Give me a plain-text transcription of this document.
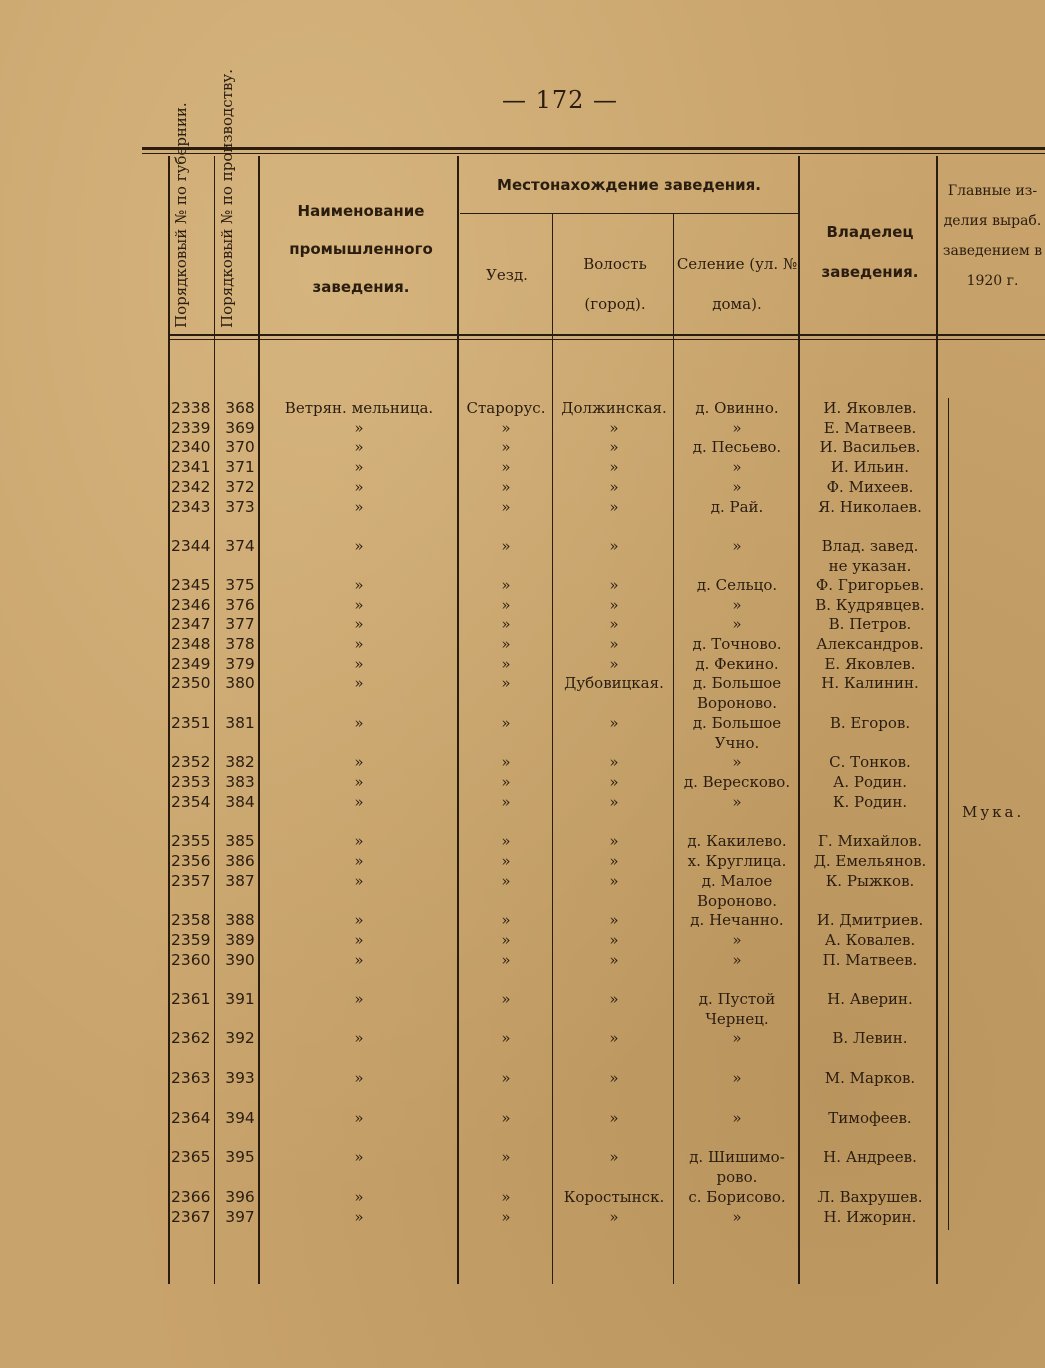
— 172 —
Порядковый № по губернии. Порядковый № по производству.	Наименование промышленного заведения.
Местонахождение заведения.
Уезд.
Волость (город).
Селение (ул. № дома).
Владелец заведения.
Главные из-делия выраб. заведением в 1920 г.
2338 368	Ветрян. мельница.	Старорус.	Должинская.	д. Овинно.	И. Яковлев.
2339 369	»	»	»	»	Е. Матвеев.
2340 370	»	»	»	д. Песьево.	И. Васильев.
2341 371	»	»	»	»	И. Ильин.
2342 372	»	»	»	»	Ф. Михеев.
2343 373	»	»	»	д. Рай.	Я. Николаев.
2344 374	»	»	»	»	Влад. завед.
не указан.
2345 375	»	»	»	д. Сельцо.	Ф. Григорьев.
2346 376	»	»	»	»	В. Кудрявцев.
2347 377	»	»	»	»	В. Петров.
2348 378	»	»	»	д. Точново.	Александров.
2349 379	»	»	»	д. Фекино.	Е. Яковлев.
2350 380	»	»	Дубовицкая.	д. Большое	Н. Калинин.
Вороново.
2351 381	»	»	»	д. Большое	В. Егоров.
Учно.
2352 382	»	»	»	»	С. Тонков.
2353 383	»	»	»	д. Вересково.	А. Родин.
2354 384	»	»	»	»	К. Родин.
2355 385	»	»	»	д. Какилево.	Г. Михайлов.
2356 386	»	»	»	х. Круглица.	Д. Емельянов.
2357 387	»	»	»	д. Малое	К. Рыжков.
Вороново.
2358 388	»	»	»	д. Нечанно.	И. Дмитриев.
2359 389	»	»	»	»	А. Ковалев.
2360 390	»	»	»	»	П. Матвеев.
2361 391	»	»	»	д. Пустой	Н. Аверин.
Чернец.
2362 392	»	»	»	»	В. Левин.
2363 393	»	»	»	»	М. Марков.
2364 394	»	»	»	»	Тимофеев.
2365 395	»	»	»	д. Шишимо-	Н. Андреев.
рово.
2366 396	»	»	Коростынск.	с. Борисово.	Л. Вахрушев.
2367 397	»	»	»	»	Н. Ижорин.
Мука.
